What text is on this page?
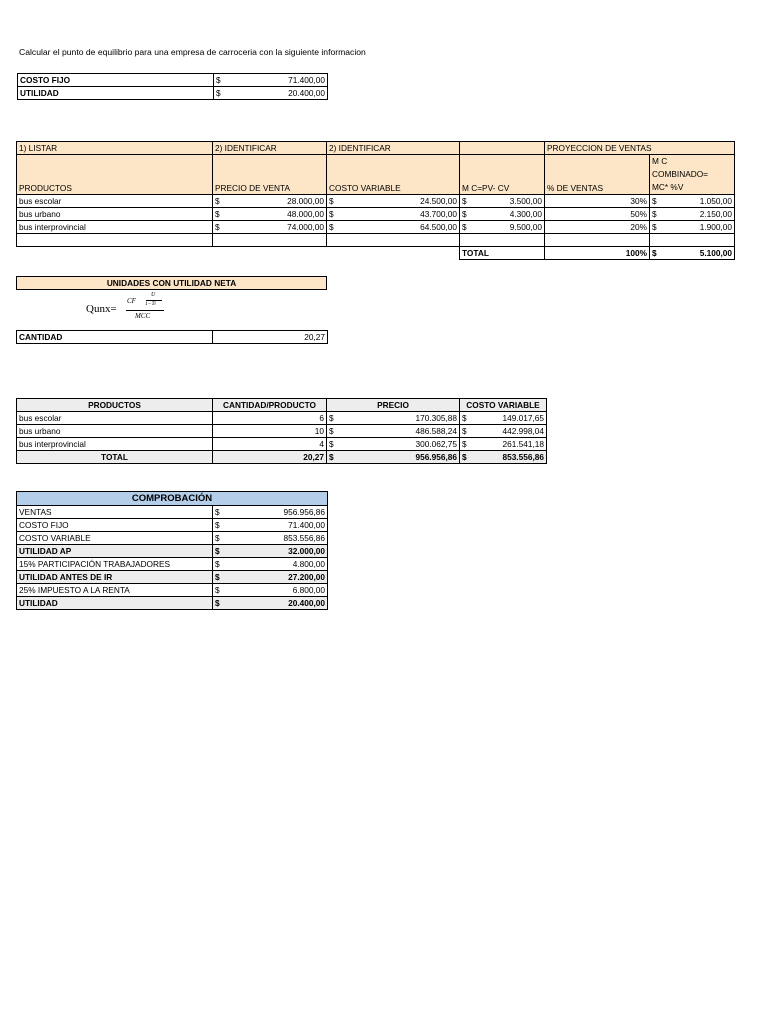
Calcular el punto de equilibrio para una empresa de carroceria con la siguiente informacion
COSTO FIJO	$ 71.400,00

UTILIDAD	$ 20.400,00
1) LISTAR	2) IDENTIFICAR	2) IDENTIFICAR		PROYECCION DE VENTAS	
PRODUCTOS	PRECIO DE VENTA	COSTO VARIABLE	M C=PV- CV	% DE VENTAS	M C
COMBINADO=
MC* %V

bus escolar	$ 28.000,00	$ 24.500,00	$ 3.500,00	30%	$ 1.050,00

bus urbano	$ 48.000,00	$ 43.700,00	$ 4.300,00	50%	$ 2.150,00

bus interprovincial	$ 74.000,00	$ 64.500,00	$ 9.500,00	20%	$ 1.900,00

			TOTAL	100%	$ 5.100,00
UNIDADES CON UTILIDAD NETA
Qunx=
CF
U
1−Ti
MCC
CANTIDAD	20,27
PRODUCTOS	CANTIDAD/PRODUCTO	PRECIO	COSTO VARIABLE
bus escolar	6	$ 170.305,88	$ 149.017,65

bus urbano	10	$ 486.588,24	$ 442.998,04

bus interprovincial	4	$ 300.062,75	$ 261.541,18

TOTAL	20,27	$ 956.956,86	$ 853.556,86
COMPROBACIÓN	
VENTAS	$ 956.956,86

COSTO FIJO	$ 71.400,00

COSTO VARIABLE	$ 853.556,86

UTILIDAD AP	$ 32.000,00

15% PARTICIPACIÓN TRABAJADORES	$ 4.800,00

UTILIDAD ANTES DE IR	$ 27.200,00

25% IMPUESTO A LA RENTA	$ 6.800,00

UTILIDAD	$ 20.400,00
